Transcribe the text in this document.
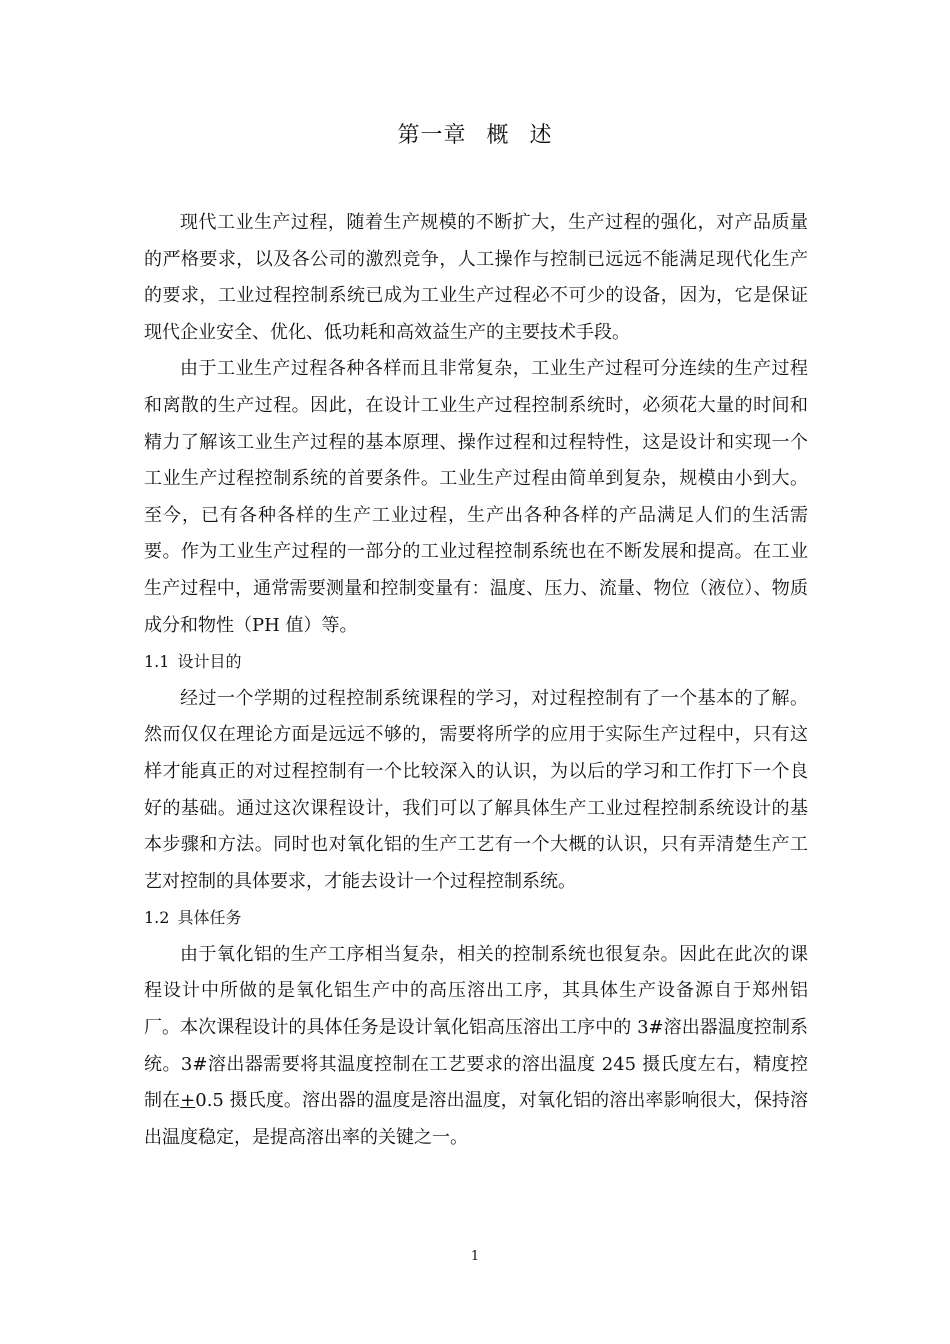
第一章 概 述

现代工业生产过程，随着生产规模的不断扩大，生产过程的强化，对产品质量的严格要求，以及各公司的激烈竞争，人工操作与控制已远远不能满足现代化生产的要求，工业过程控制系统已成为工业生产过程必不可少的设备，因为，它是保证现代企业安全、优化、低功耗和高效益生产的主要技术手段。

由于工业生产过程各种各样而且非常复杂，工业生产过程可分连续的生产过程和离散的生产过程。因此，在设计工业生产过程控制系统时，必须花大量的时间和精力了解该工业生产过程的基本原理、操作过程和过程特性，这是设计和实现一个工业生产过程控制系统的首要条件。工业生产过程由简单到复杂，规模由小到大。至今，已有各种各样的生产工业过程，生产出各种各样的产品满足人们的生活需要。作为工业生产过程的一部分的工业过程控制系统也在不断发展和提高。在工业生产过程中，通常需要测量和控制变量有：温度、压力、流量、物位（液位）、物质成分和物性（PH 值）等。

1.1 设计目的

经过一个学期的过程控制系统课程的学习，对过程控制有了一个基本的了解。然而仅仅在理论方面是远远不够的，需要将所学的应用于实际生产过程中，只有这样才能真正的对过程控制有一个比较深入的认识，为以后的学习和工作打下一个良好的基础。通过这次课程设计，我们可以了解具体生产工业过程控制系统设计的基本步骤和方法。同时也对氧化铝的生产工艺有一个大概的认识，只有弄清楚生产工艺对控制的具体要求，才能去设计一个过程控制系统。

1.2 具体任务

由于氧化铝的生产工序相当复杂，相关的控制系统也很复杂。因此在此次的课程设计中所做的是氧化铝生产中的高压溶出工序，其具体生产设备源自于郑州铝厂。本次课程设计的具体任务是设计氧化铝高压溶出工序中的 3#溶出器温度控制系统。3#溶出器需要将其温度控制在工艺要求的溶出温度 245 摄氏度左右，精度控制在+0.5 摄氏度。溶出器的温度是溶出温度，对氧化铝的溶出率影响很大，保持溶出温度稳定，是提高溶出率的关键之一。

1
